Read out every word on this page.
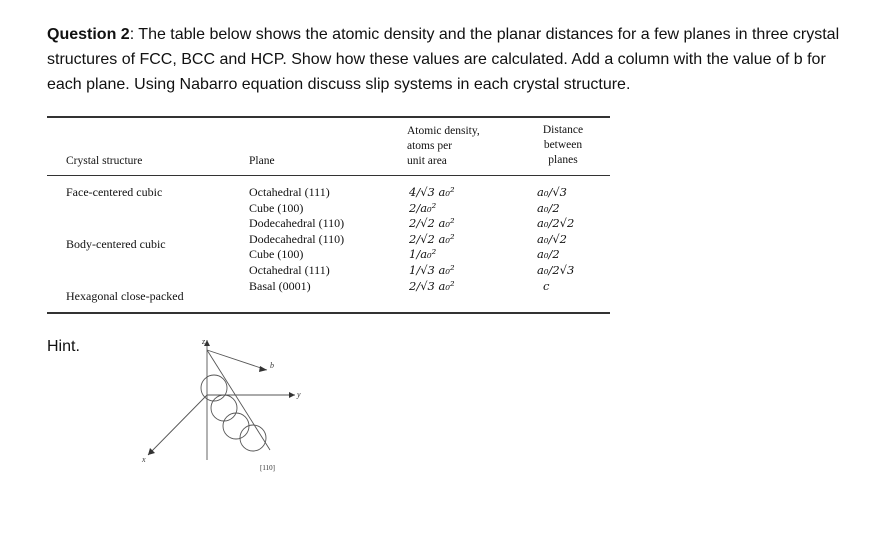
Question 2: The table below shows the atomic density and the planar distances for a few planes in three crystal structures of FCC, BCC and HCP. Show how these values are calculated. Add a column with the value of b for each plane. Using Nabarro equation discuss slip systems in each crystal structure.
Crystal structure	Plane
Atomic density,
atoms per
unit area
Distance
between
planes
Face-centered cubic
Body-centered cubic
Hexagonal close-packed
Octahedral (111)
Cube (100)
Dodecahedral (110)
Dodecahedral (110)
Cube (100)
Octahedral (111)
Basal (0001)
4/√3 a₀²
2/a₀²
2/√2 a₀²
2/√2 a₀²
1/a₀²
1/√3 a₀²
2/√3 a₀²
a₀/√3
a₀/2
a₀/2√2
a₀/√2
a₀/2
a₀/2√3
c
Hint.	z
y
x
b
[110]
